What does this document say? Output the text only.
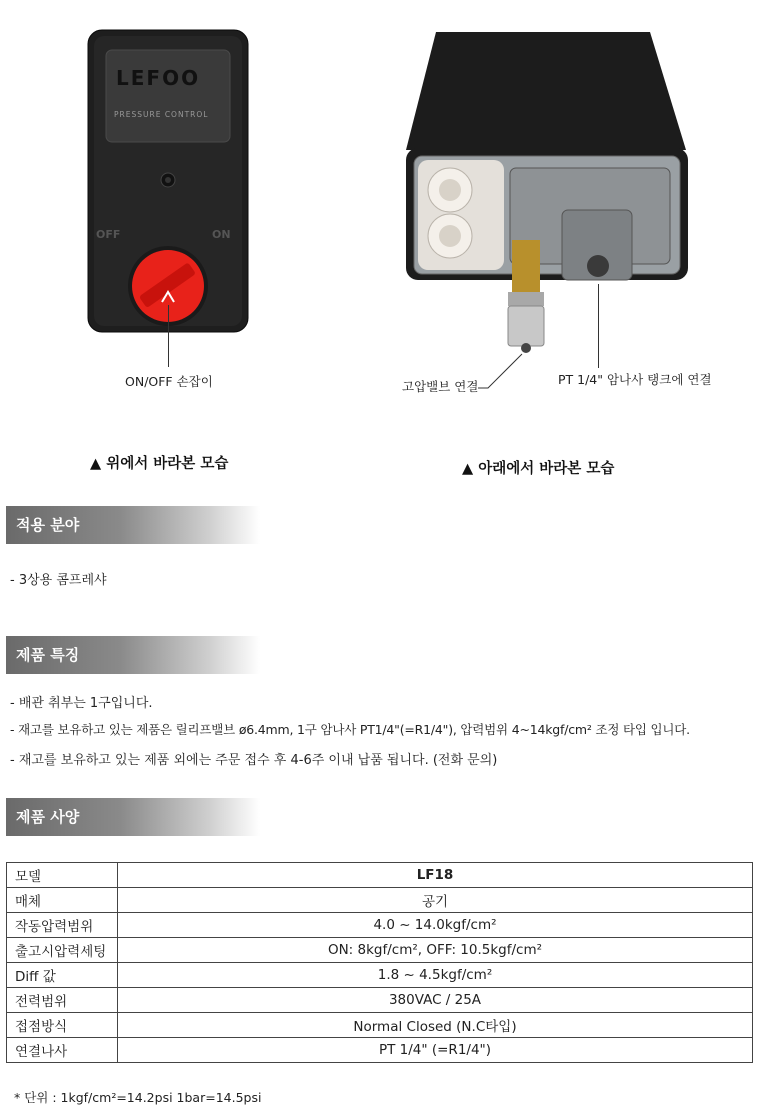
LEFOO
PRESSURE CONTROL
OFF	ON
ON/OFF 손잡이
▲ 위에서 바라본 모습
고압밸브 연결	PT 1/4" 암나사 탱크에 연결
▲ 아래에서 바라본 모습
적용 분야
- 3상용 콤프레샤
제품 특징
- 배관 취부는 1구입니다.
- 재고를 보유하고 있는 제품은 릴리프밸브 ø6.4mm, 1구 암나사 PT1/4"(=R1/4"), 압력범위 4~14kgf/cm² 조정 타입 입니다.
- 재고를 보유하고 있는 제품 외에는 주문 접수 후 4-6주 이내 납품 됩니다. (전화 문의)
제품 사양
모델	LF18
매체	공기
작동압력범위	4.0 ~ 14.0kgf/cm²
출고시압력세팅	ON: 8kgf/cm², OFF: 10.5kgf/cm²
Diff 값	1.8 ~ 4.5kgf/cm²
전력범위	380VAC / 25A
접점방식	Normal Closed (N.C타입)
연결나사	PT 1/4" (=R1/4")
* 단위 : 1kgf/cm²=14.2psi 1bar=14.5psi
